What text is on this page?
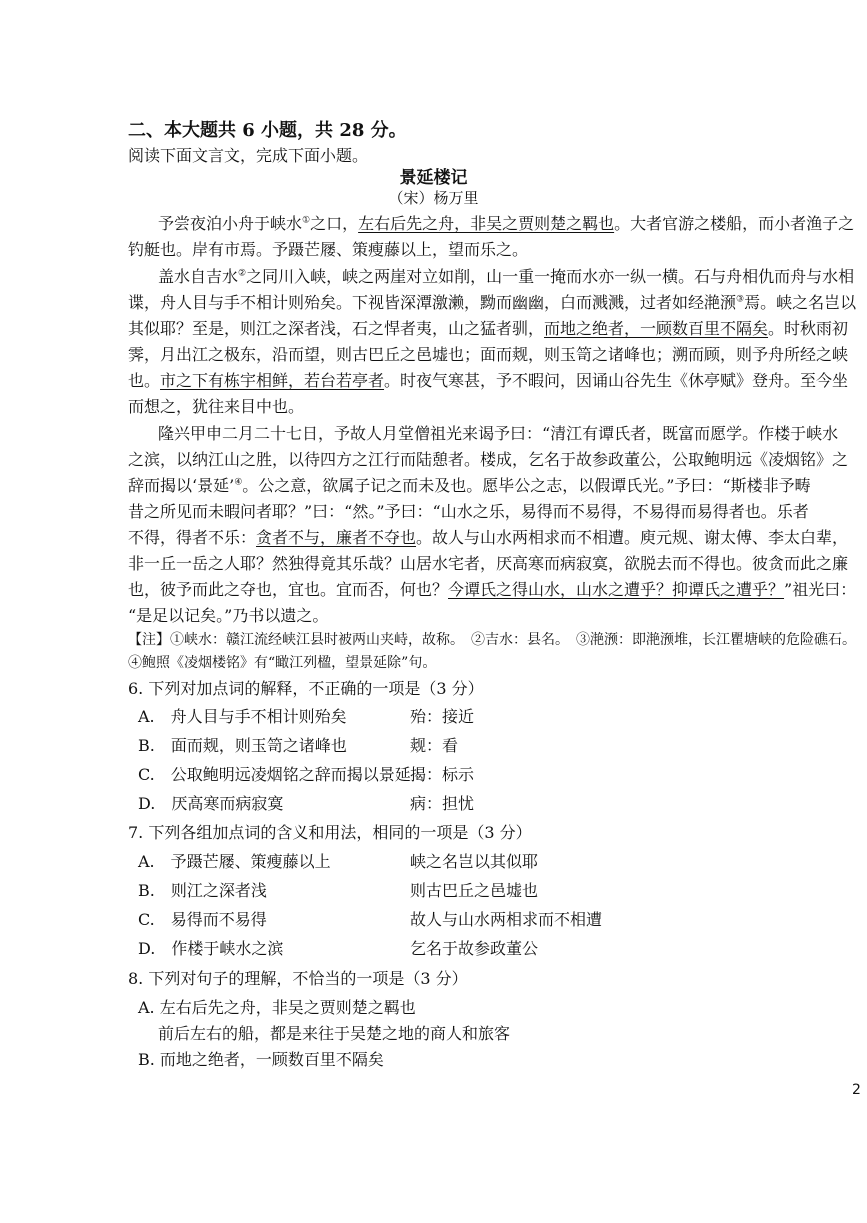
二、本大题共 6 小题，共 28 分。
阅读下面文言文，完成下面小题。
景延楼记
（宋）杨万里
予尝夜泊小舟于峡水①之口，左右后先之舟，非吴之贾则楚之羁也。大者官游之楼船，而小者渔子之
钓艇也。岸有市焉。予蹑芒屦、策瘦藤以上，望而乐之。
盖水自吉水②之同川入峡，峡之两崖对立如削，山一重一掩而水亦一纵一横。石与舟相仇而舟与水相
谍，舟人目与手不相计则殆矣。下视皆深潭激濑，黝而幽幽，白而溅溅，过者如经滟滪③焉。峡之名岂以
其似耶？至是，则江之深者浅，石之悍者夷，山之猛者驯，而地之绝者，一顾数百里不隔矣。时秋雨初
霁，月出江之极东，沿而望，则古巴丘之邑墟也；面而觌，则玉笥之诸峰也；溯而顾，则予舟所经之峡
也。市之下有栋宇相鲜，若台若亭者。时夜气寒甚，予不暇问，因诵山谷先生《休亭赋》登舟。至今坐
而想之，犹往来目中也。
隆兴甲申二月二十七日，予故人月堂僧祖光来谒予曰：“清江有谭氏者，既富而愿学。作楼于峡水
之滨，以纳江山之胜，以待四方之江行而陆憩者。楼成，乞名于故参政董公，公取鲍明远《凌烟铭》之
辞而揭以‘景延’④。公之意，欲属子记之而未及也。愿毕公之志，以假谭氏光。”予曰：“斯楼非予畴
昔之所见而未暇问者耶？”曰：“然。”予曰：“山水之乐，易得而不易得，不易得而易得者也。乐者
不得，得者不乐：贪者不与，廉者不夺也。故人与山水两相求而不相遭。庾元规、谢太傅、李太白辈，
非一丘一岳之人耶？然独得竟其乐哉？山居水宅者，厌高寒而病寂寞，欲脱去而不得也。彼贪而此之廉
也，彼予而此之夺也，宜也。宜而否，何也？今谭氏之得山水，山水之遭乎？抑谭氏之遭乎？”祖光曰：
“是足以记矣。”乃书以遗之。
【注】①峡水：赣江流经峡江县时被两山夹峙，故称。　②吉水：县名。　③滟滪：即滟滪堆，长江瞿塘峡的危险礁石。
④鲍照《凌烟楼铭》有“瞰江列楹，望景延除”句。
6. 下列对加点词的解释，不正确的一项是（3 分）
A.　舟人目与手不相计则殆矣	殆：接近
B.　面而觌，则玉笥之诸峰也	觌：看
C.　公取鲍明远凌烟铭之辞而揭以景延 揭：标示
D.　厌高寒而病寂寞	病：担忧
7. 下列各组加点词的含义和用法，相同的一项是（3 分）
A.　予蹑芒屦、策瘦藤以上	峡之名岂以其似耶
B.　则江之深者浅	则古巴丘之邑墟也
C.　易得而不易得	故人与山水两相求而不相遭
D.　作楼于峡水之滨	乞名于故参政董公
8. 下列对句子的理解，不恰当的一项是（3 分）
A. 左右后先之舟，非吴之贾则楚之羁也
前后左右的船，都是来往于吴楚之地的商人和旅客
B. 而地之绝者，一顾数百里不隔矣
2
